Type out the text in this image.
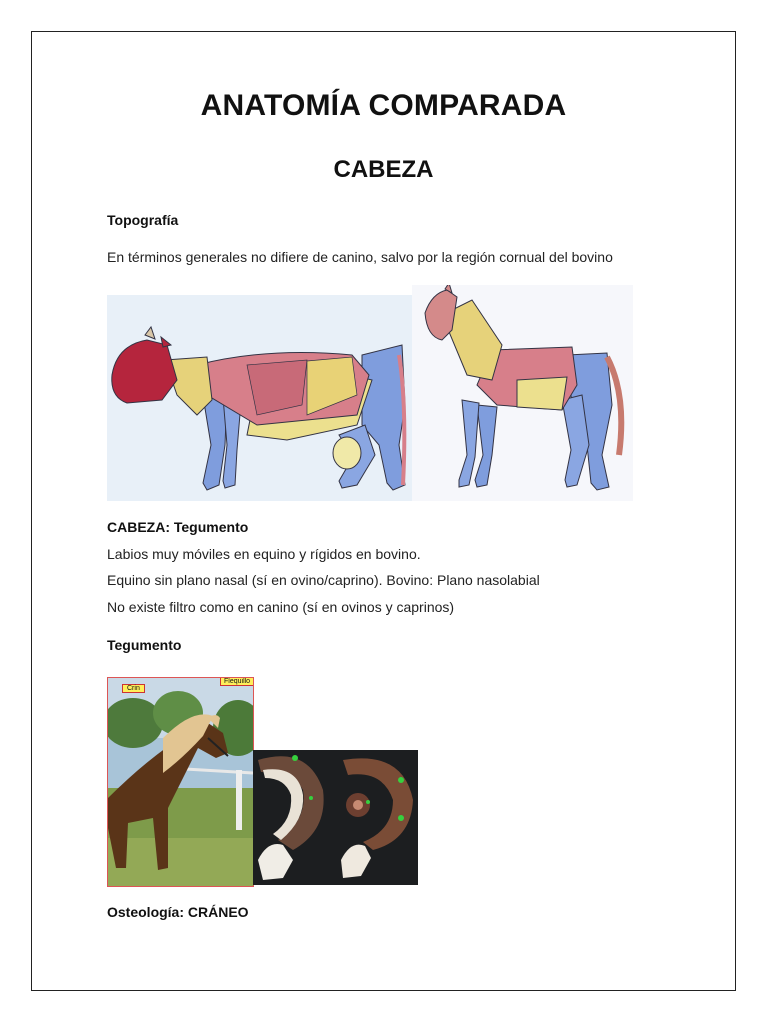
ANATOMÍA COMPARADA
CABEZA

Topografía

En términos generales no difiere de canino, salvo por la región cornual del bovino

CABEZA: Tegumento

Labios muy móviles en equino y rígidos en bovino.

Equino sin plano nasal (sí en ovino/caprino). Bovino: Plano nasolabial

No existe filtro como en canino (sí en ovinos y caprinos)

Tegumento

Crin
Flequillo

Osteología: CRÁNEO
